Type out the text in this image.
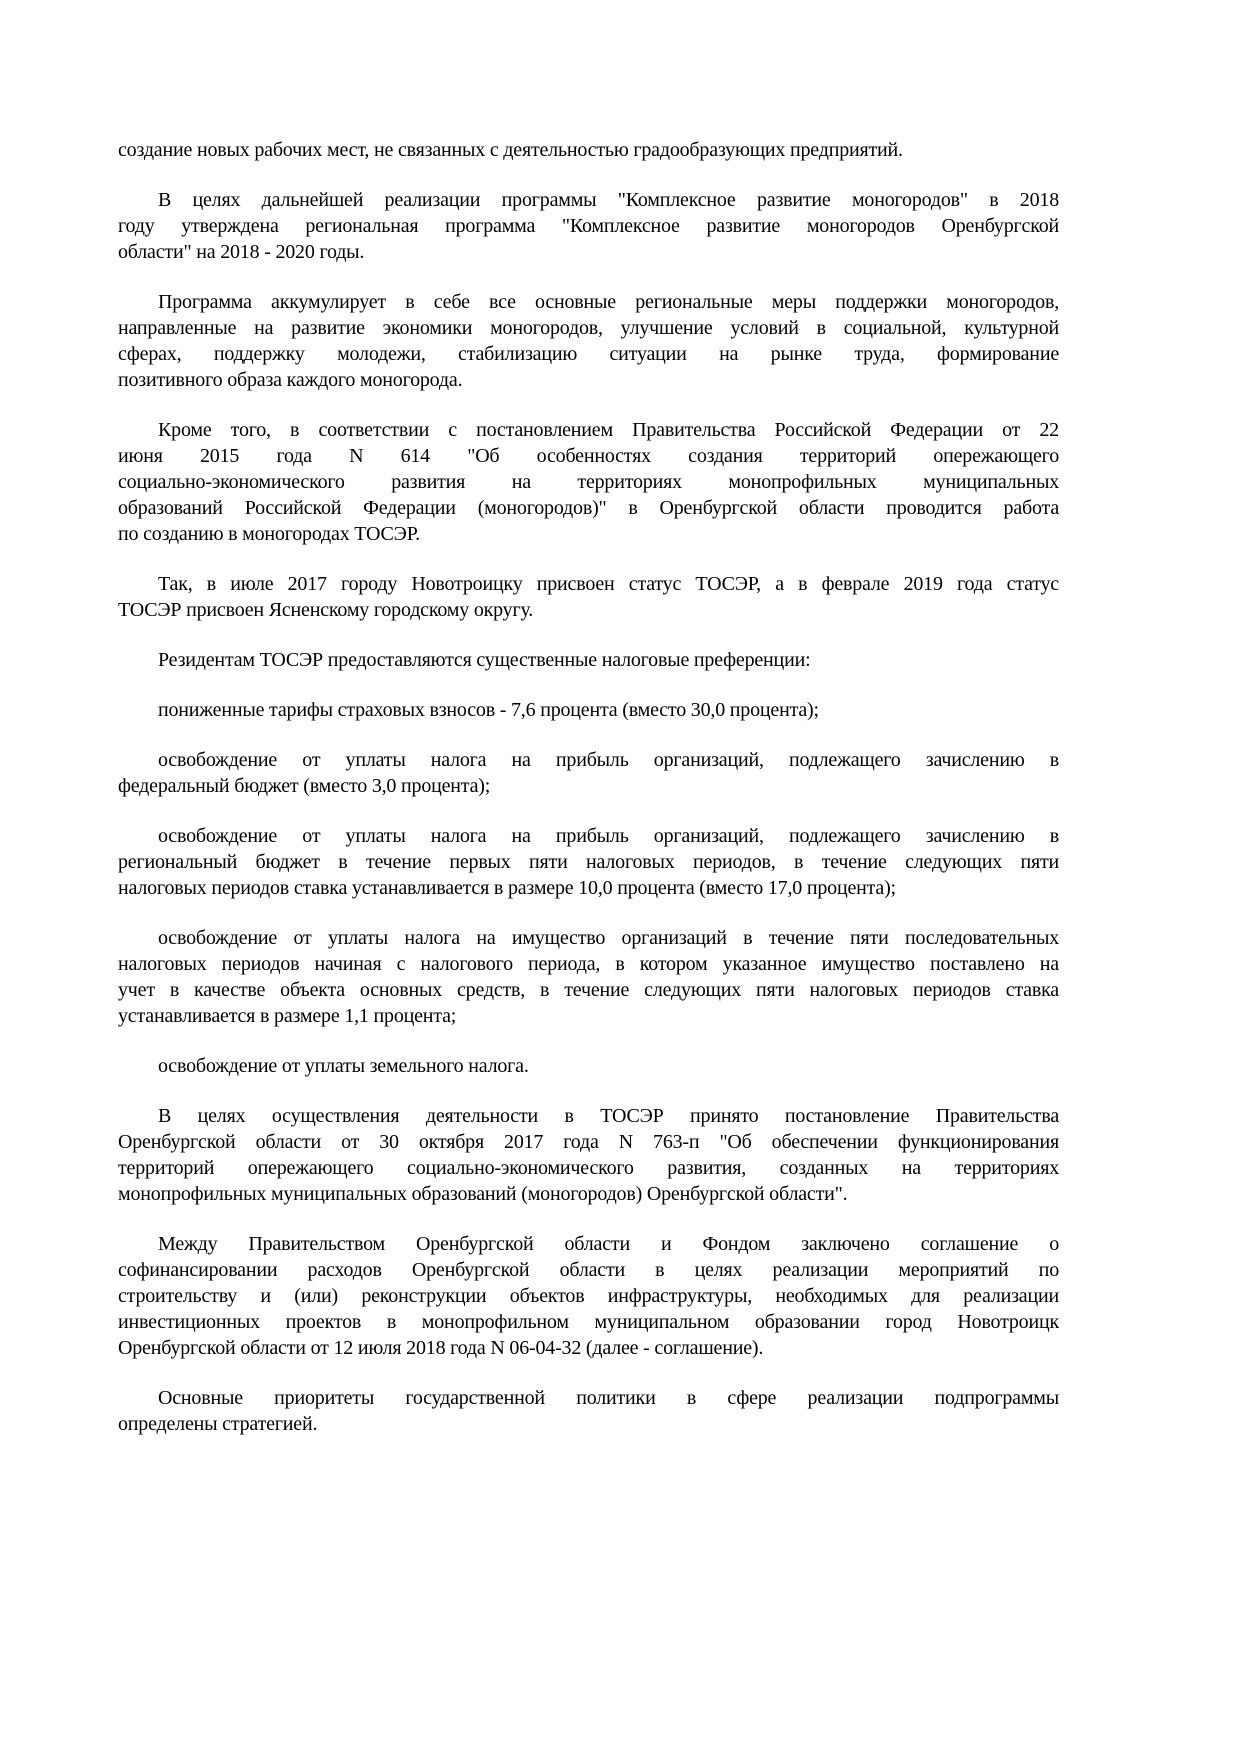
создание новых рабочих мест, не связанных с деятельностью градообразующих предприятий.
В целях дальнейшей реализации программы "Комплексное развитие моногородов" в 2018
году утверждена региональная программа "Комплексное развитие моногородов Оренбургской
области" на 2018 - 2020 годы.
Программа аккумулирует в себе все основные региональные меры поддержки моногородов,
направленные на развитие экономики моногородов, улучшение условий в социальной, культурной
сферах, поддержку молодежи, стабилизацию ситуации на рынке труда, формирование
позитивного образа каждого моногорода.
Кроме того, в соответствии с постановлением Правительства Российской Федерации от 22
июня 2015 года N 614 "Об особенностях создания территорий опережающего
социально-экономического развития на территориях монопрофильных муниципальных
образований Российской Федерации (моногородов)" в Оренбургской области проводится работа
по созданию в моногородах ТОСЭР.
Так, в июле 2017 городу Новотроицку присвоен статус ТОСЭР, а в феврале 2019 года статус
ТОСЭР присвоен Ясненскому городскому округу.
Резидентам ТОСЭР предоставляются существенные налоговые преференции:
пониженные тарифы страховых взносов - 7,6 процента (вместо 30,0 процента);
освобождение от уплаты налога на прибыль организаций, подлежащего зачислению в
федеральный бюджет (вместо 3,0 процента);
освобождение от уплаты налога на прибыль организаций, подлежащего зачислению в
региональный бюджет в течение первых пяти налоговых периодов, в течение следующих пяти
налоговых периодов ставка устанавливается в размере 10,0 процента (вместо 17,0 процента);
освобождение от уплаты налога на имущество организаций в течение пяти последовательных
налоговых периодов начиная с налогового периода, в котором указанное имущество поставлено на
учет в качестве объекта основных средств, в течение следующих пяти налоговых периодов ставка
устанавливается в размере 1,1 процента;
освобождение от уплаты земельного налога.
В целях осуществления деятельности в ТОСЭР принято постановление Правительства
Оренбургской области от 30 октября 2017 года N 763-п "Об обеспечении функционирования
территорий опережающего социально-экономического развития, созданных на территориях
монопрофильных муниципальных образований (моногородов) Оренбургской области".
Между Правительством Оренбургской области и Фондом заключено соглашение о
софинансировании расходов Оренбургской области в целях реализации мероприятий по
строительству и (или) реконструкции объектов инфраструктуры, необходимых для реализации
инвестиционных проектов в монопрофильном муниципальном образовании город Новотроицк
Оренбургской области от 12 июля 2018 года N 06-04-32 (далее - соглашение).
Основные приоритеты государственной политики в сфере реализации подпрограммы
определены стратегией.
